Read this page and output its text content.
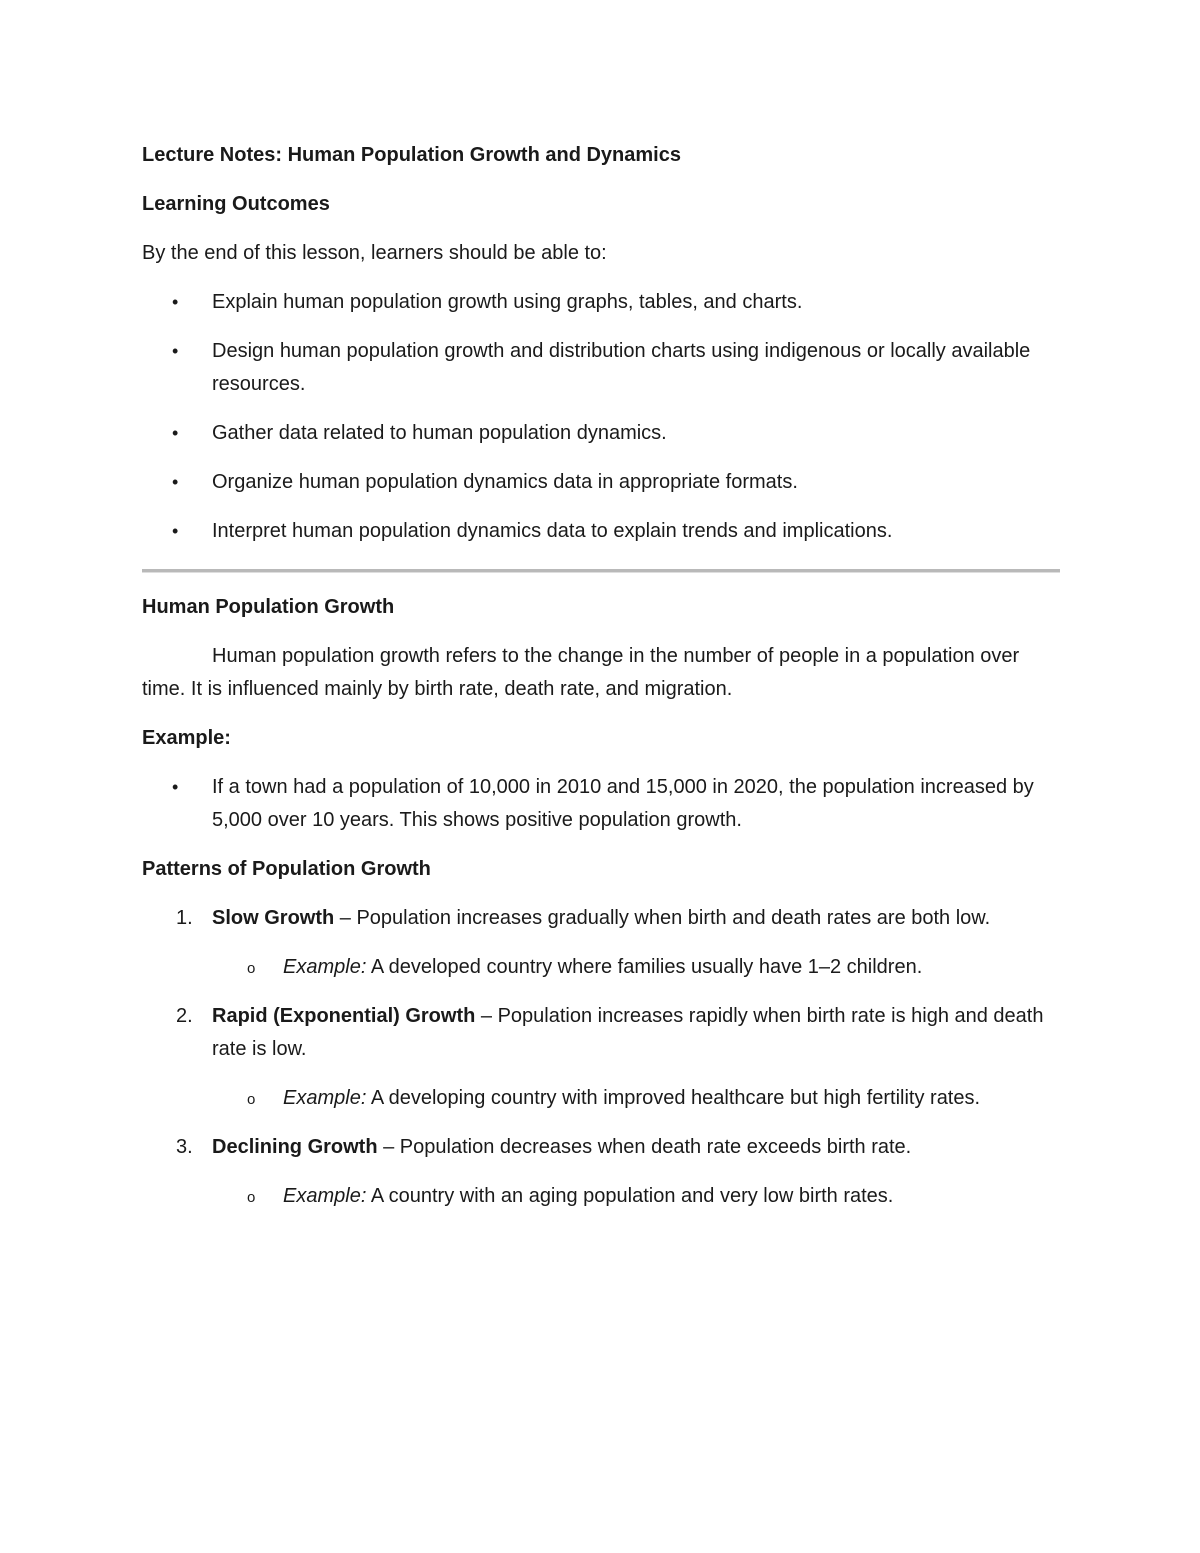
Lecture Notes: Human Population Growth and Dynamics

Learning Outcomes

By the end of this lesson, learners should be able to:

• Explain human population growth using graphs, tables, and charts.
• Design human population growth and distribution charts using indigenous or locally available resources.
• Gather data related to human population dynamics.
• Organize human population dynamics data in appropriate formats.
• Interpret human population dynamics data to explain trends and implications.

Human Population Growth

Human population growth refers to the change in the number of people in a population over time. It is influenced mainly by birth rate, death rate, and migration.

Example:

• If a town had a population of 10,000 in 2010 and 15,000 in 2020, the population increased by 5,000 over 10 years. This shows positive population growth.

Patterns of Population Growth

1. Slow Growth – Population increases gradually when birth and death rates are both low.
o Example: A developed country where families usually have 1–2 children.
2. Rapid (Exponential) Growth – Population increases rapidly when birth rate is high and death rate is low.
o Example: A developing country with improved healthcare but high fertility rates.
3. Declining Growth – Population decreases when death rate exceeds birth rate.
o Example: A country with an aging population and very low birth rates.
